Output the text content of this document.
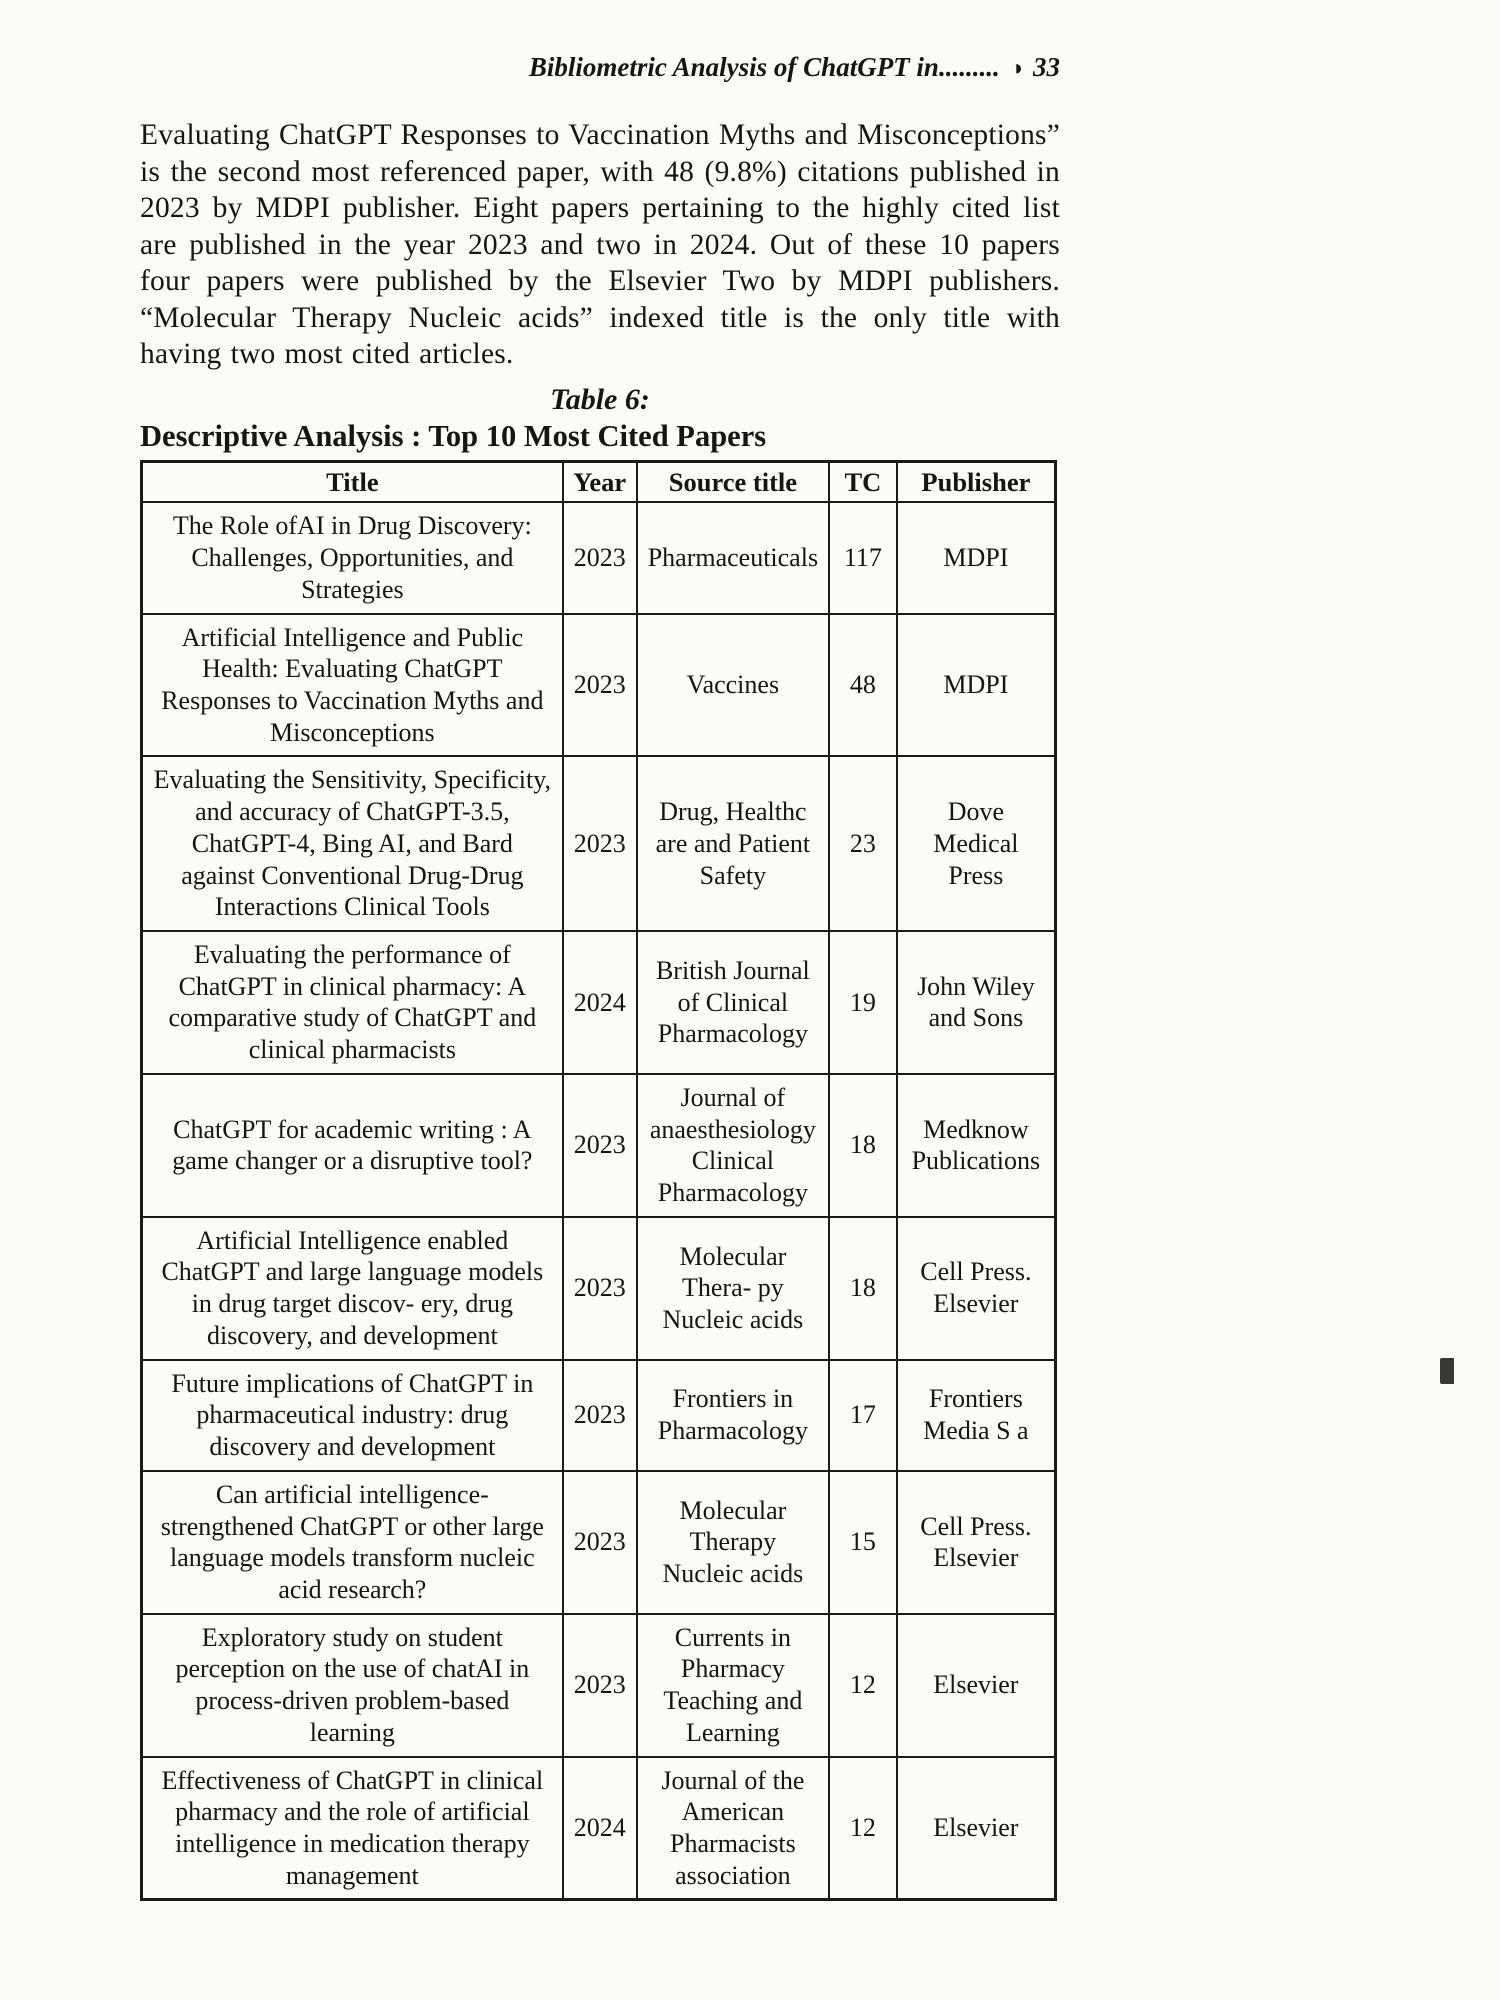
Bibliometric Analysis of ChatGPT in......... ◑ 33

Evaluating ChatGPT Responses to Vaccination Myths and Misconceptions” is the second most referenced paper, with 48 (9.8%) citations published in 2023 by MDPI publisher. Eight papers pertaining to the highly cited list are published in the year 2023 and two in 2024. Out of these 10 papers four papers were published by the Elsevier Two by MDPI publishers. “Molecular Therapy Nucleic acids” indexed title is the only title with having two most cited articles.

Table 6:
Descriptive Analysis : Top 10 Most Cited Papers
Title	Year	Source title	TC	Publisher
The Role ofAI in Drug Discovery: Challenges, Opportunities, and Strategies	2023	Pharmaceuticals	117	MDPI
Artificial Intelligence and Public Health: Evaluating ChatGPT Responses to Vaccination Myths and Misconceptions	2023	Vaccines	48	MDPI
Evaluating the Sensitivity, Specificity, and accuracy of ChatGPT-3.5, ChatGPT-4, Bing AI, and Bard against Conventional Drug-Drug Interactions Clinical Tools	2023	Drug, Healthc are and Patient Safety	23	Dove Medical Press
Evaluating the performance of ChatGPT in clinical pharmacy: A comparative study of ChatGPT and clinical pharmacists	2024	British Journal of Clinical Pharmacology	19	John Wiley and Sons
ChatGPT for academic writing : A game changer or a disruptive tool?	2023	Journal of anaesthesiology Clinical Pharmacology	18	Medknow Publications
Artificial Intelligence enabled ChatGPT and large language models in drug target discov- ery, drug discovery, and development	2023	Molecular Thera- py Nucleic acids	18	Cell Press. Elsevier
Future implications of ChatGPT in pharmaceutical industry: drug discovery and development	2023	Frontiers in Pharmacology	17	Frontiers Media S a
Can artificial intelligence-strengthened ChatGPT or other large language models transform nucleic acid research?	2023	Molecular Therapy Nucleic acids	15	Cell Press. Elsevier
Exploratory study on student perception on the use of chatAI in process-driven problem-based learning	2023	Currents in Pharmacy Teaching and Learning	12	Elsevier
Effectiveness of ChatGPT in clinical pharmacy and the role of artificial intelligence in medication therapy management	2024	Journal of the American Pharmacists association	12	Elsevier
